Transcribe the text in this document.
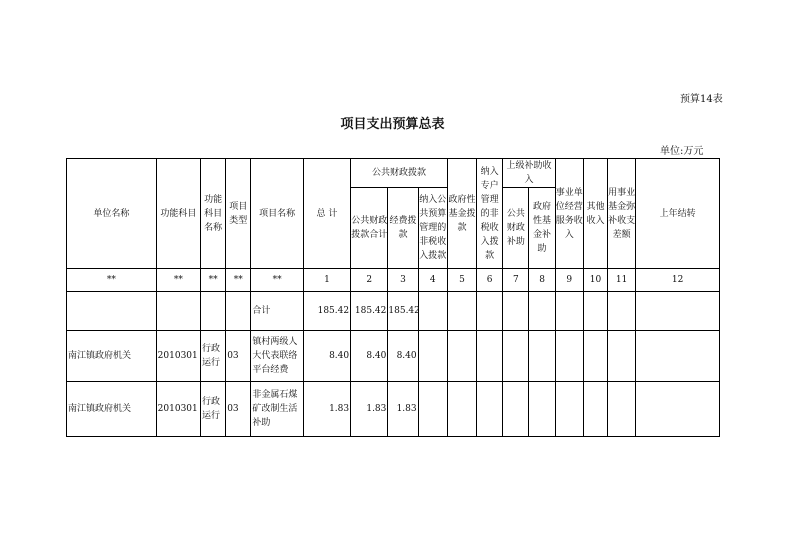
预算14表
项目支出预算总表
单位:万元
单位名称	功能科目	功能科目名称	项目类型	项目名称	总 计	公共财政拨款			政府性基金拨款	纳入专户管理的非税收入拨款	上级补助收入		事业单位经营服务收入	其他收入	用事业基金弥补收支差额	上年结转
						公共财政拨款合计	经费拨款	纳入公共预算管理的非税收入拨款			公共财政补助	政府性基金补助				
**	**	**	**	**	1	2	3	4	5	6	7	8	9	10	11	12
				合计	185.42	185.42	185.42									
南江镇政府机关	2010301	行政运行	03	镇村两级人大代表联络平台经费	8.40	8.40	8.40									
南江镇政府机关	2010301	行政运行	03	非金属石煤矿改制生活补助	1.83	1.83	1.83									
